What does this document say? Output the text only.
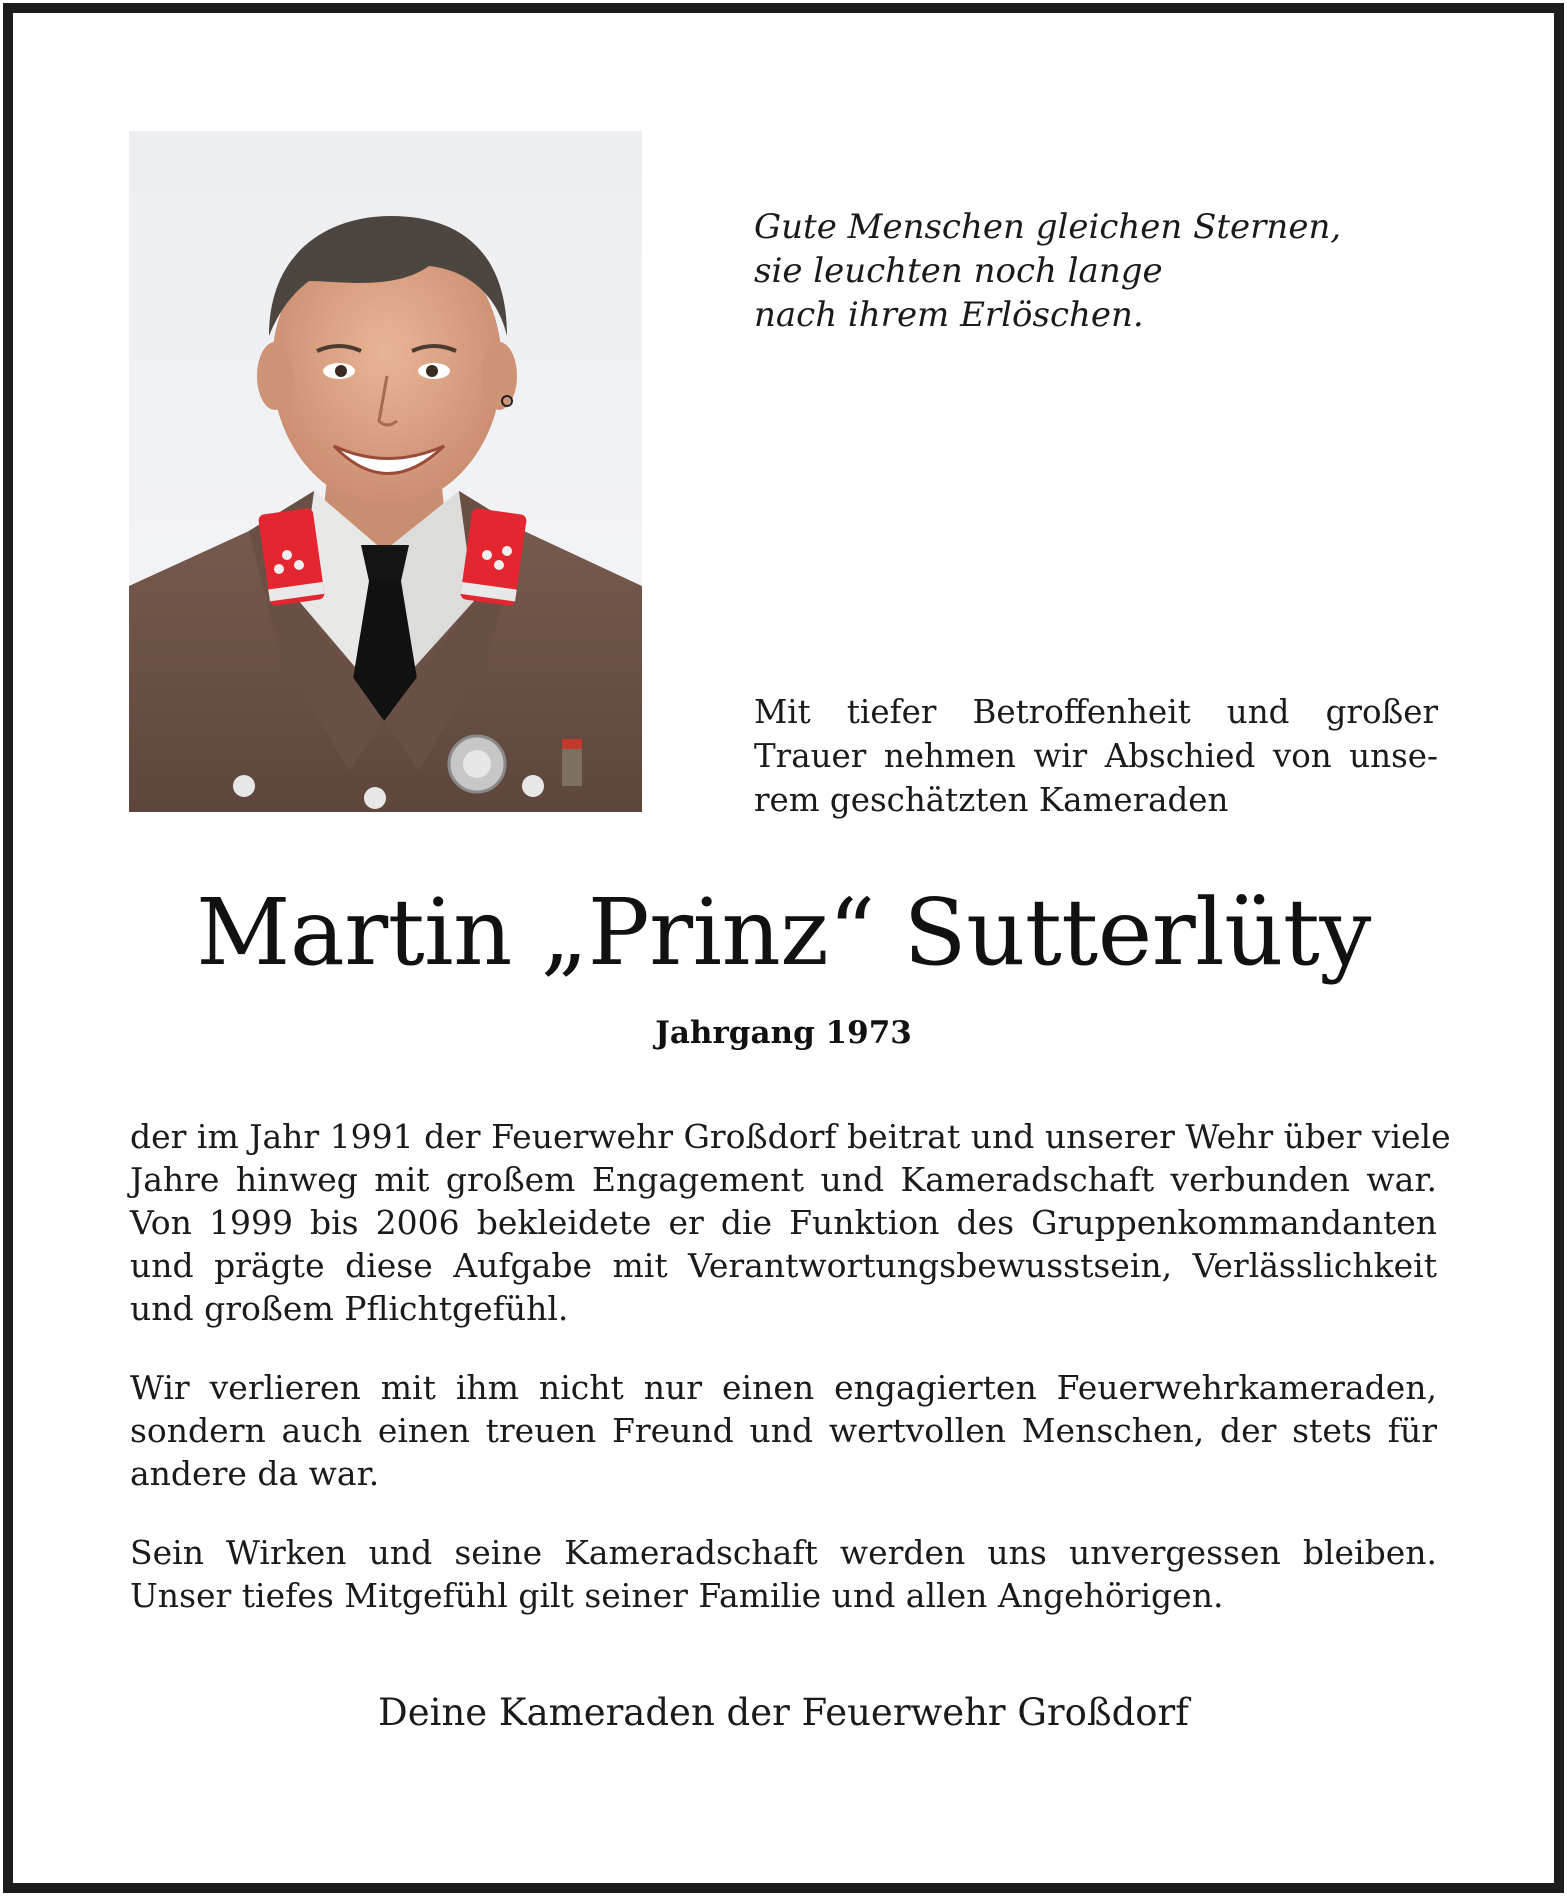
Gute Menschen gleichen Sternen,
sie leuchten noch lange
nach ihrem Erlöschen.
Mit tiefer Betroffenheit und großer
Trauer nehmen wir Abschied von unse-
rem geschätzten Kameraden
Martin „Prinz“ Sutterlüty
Jahrgang 1973
der im Jahr 1991 der Feuerwehr Großdorf beitrat und unserer Wehr über viele
Jahre hinweg mit großem Engagement und Kameradschaft verbunden war.
Von 1999 bis 2006 bekleidete er die Funktion des Gruppenkommandanten
und prägte diese Aufgabe mit Verantwortungsbewusstsein, Verlässlichkeit
und großem Pflichtgefühl.
Wir verlieren mit ihm nicht nur einen engagierten Feuerwehrkameraden,
sondern auch einen treuen Freund und wertvollen Menschen, der stets für
andere da war.
Sein Wirken und seine Kameradschaft werden uns unvergessen bleiben.
Unser tiefes Mitgefühl gilt seiner Familie und allen Angehörigen.
Deine Kameraden der Feuerwehr Großdorf
